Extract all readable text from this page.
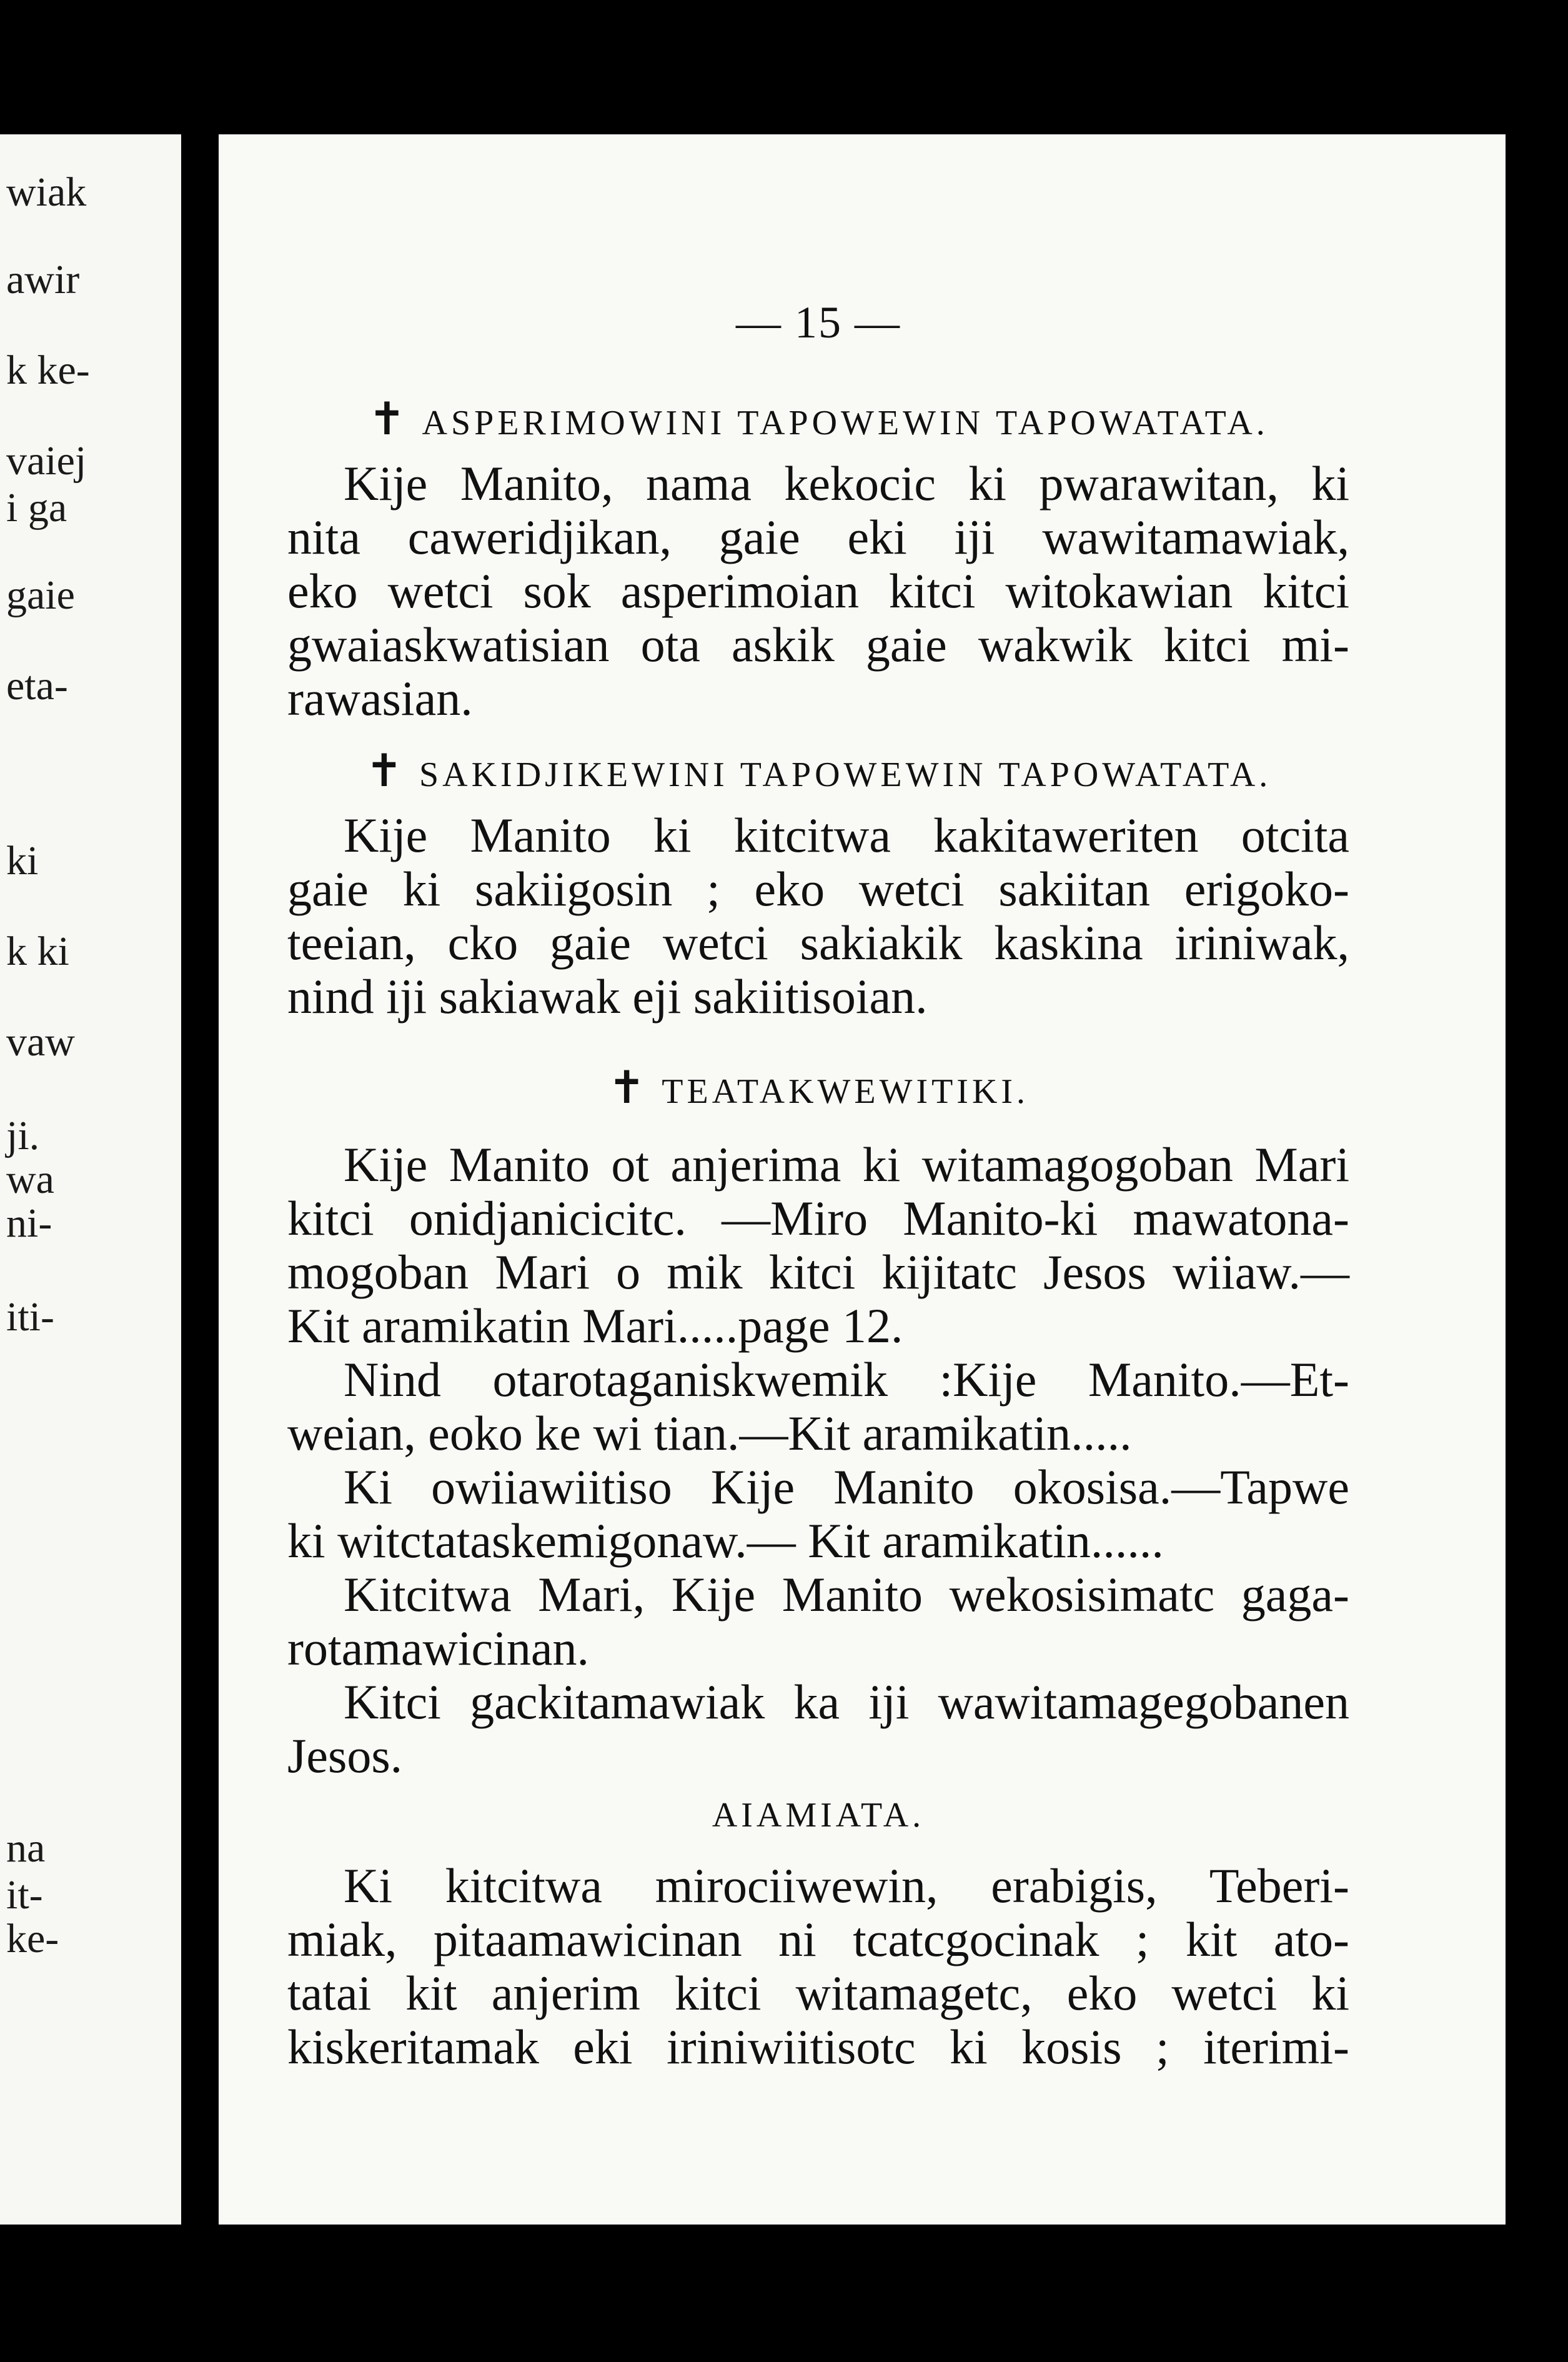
wiak
awir
k ke-
vaiej
i ga
gaie
eta-
ki
k ki
vaw
ji.
wa
ni-
iti-
na
it-
ke-
— 15 —
✝ ASPERIMOWINI TAPOWEWIN TAPOWATATA.

Kije Manito, nama kekocic ki pwarawitan, ki

nita caweridjikan, gaie eki iji wawitamawiak,

eko wetci sok asperimoian kitci witokawian kitci

gwaiaskwatisian ota askik gaie wakwik kitci mi-

rawasian.

✝ SAKIDJIKEWINI TAPOWEWIN TAPOWATATA.

Kije Manito ki kitcitwa kakitaweriten otcita

gaie ki sakiigosin ; eko wetci sakiitan erigoko-

teeian, cko gaie wetci sakiakik kaskina iriniwak,

nind iji sakiawak eji sakiitisoian.

✝ TEATAKWEWITIKI.

Kije Manito ot anjerima ki witamagogoban Mari

kitci onidjanicicitc. —Miro Manito-ki mawatona-

mogoban Mari o mik kitci kijitatc Jesos wiiaw.—

Kit aramikatin Mari.....page 12.

Nind otarotaganiskwemik :Kije Manito.—Et-

weian, eoko ke wi tian.—Kit aramikatin.....

Ki owiiawiitiso Kije Manito okosisa.—Tapwe

ki witctataskemigonaw.— Kit aramikatin......

Kitcitwa Mari, Kije Manito wekosisimatc gaga-

rotamawicinan.

Kitci gackitamawiak ka iji wawitamagegobanen

Jesos.

AIAMIATA.

Ki kitcitwa mirociiwewin, erabigis, Teberi-

miak, pitaamawicinan ni tcatcgocinak ; kit ato-

tatai kit anjerim kitci witamagetc, eko wetci ki

kiskeritamak eki iriniwiitisotc ki kosis ; iterimi-
